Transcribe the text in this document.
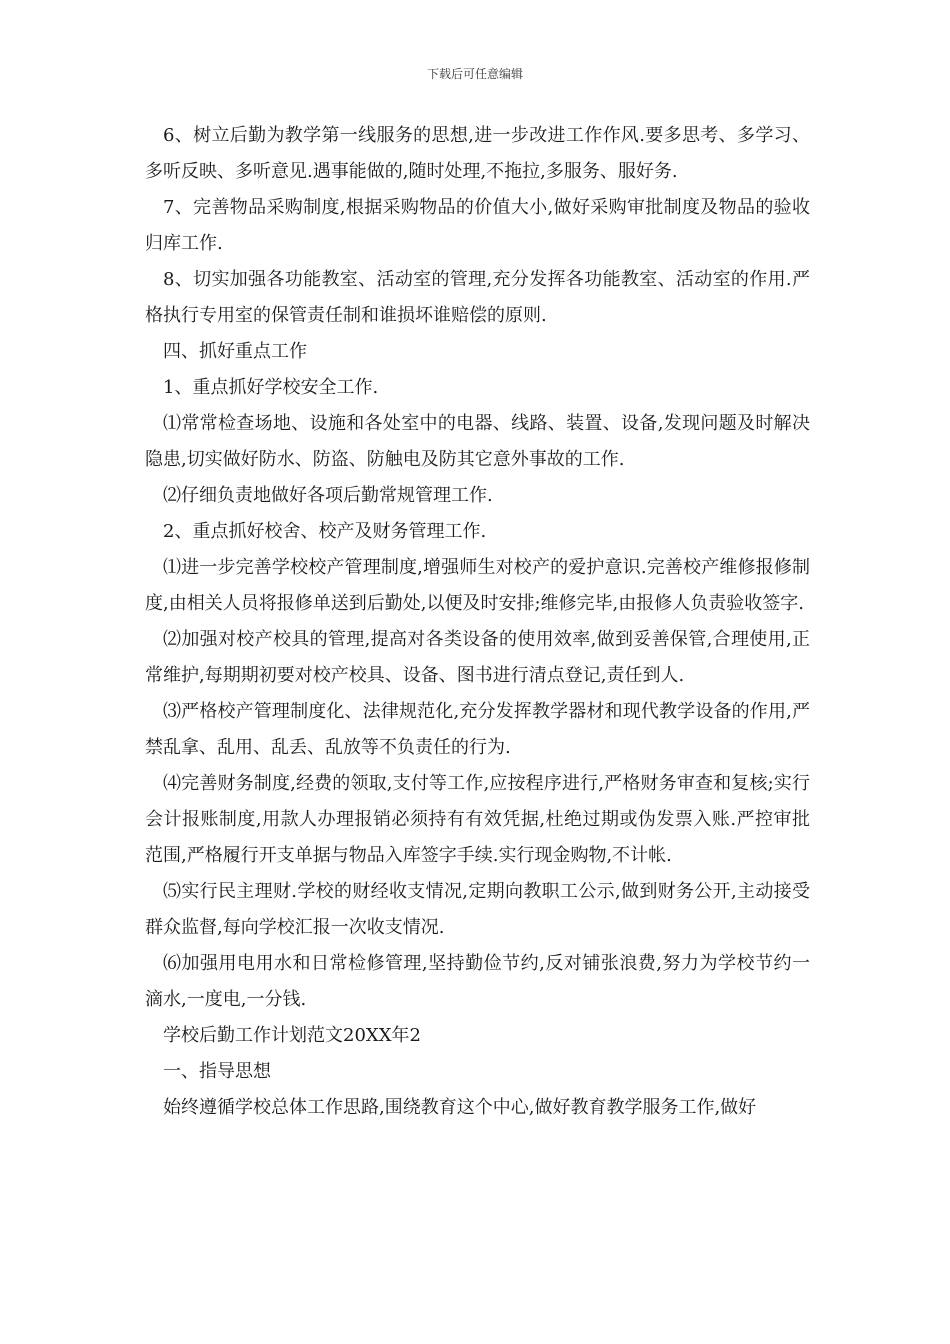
下载后可任意编辑

6、树立后勤为教学第一线服务的思想,进一步改进工作作风.要多思考、多学习、多听反映、多听意见.遇事能做的,随时处理,不拖拉,多服务、服好务.

7、完善物品采购制度,根据采购物品的价值大小,做好采购审批制度及物品的验收归库工作.

8、切实加强各功能教室、活动室的管理,充分发挥各功能教室、活动室的作用.严格执行专用室的保管责任制和谁损坏谁赔偿的原则.

四、抓好重点工作

1、重点抓好学校安全工作.

⑴常常检查场地、设施和各处室中的电器、线路、装置、设备,发现问题及时解决隐患,切实做好防水、防盗、防触电及防其它意外事故的工作.

⑵仔细负责地做好各项后勤常规管理工作.

2、重点抓好校舍、校产及财务管理工作.

⑴进一步完善学校校产管理制度,增强师生对校产的爱护意识.完善校产维修报修制度,由相关人员将报修单送到后勤处,以便及时安排;维修完毕,由报修人负责验收签字.

⑵加强对校产校具的管理,提高对各类设备的使用效率,做到妥善保管,合理使用,正常维护,每期期初要对校产校具、设备、图书进行清点登记,责任到人.

⑶严格校产管理制度化、法律规范化,充分发挥教学器材和现代教学设备的作用,严禁乱拿、乱用、乱丢、乱放等不负责任的行为.

⑷完善财务制度,经费的领取,支付等工作,应按程序进行,严格财务审查和复核;实行会计报账制度,用款人办理报销必须持有有效凭据,杜绝过期或伪发票入账.严控审批范围,严格履行开支单据与物品入库签字手续.实行现金购物,不计帐.

⑸实行民主理财.学校的财经收支情况,定期向教职工公示,做到财务公开,主动接受群众监督,每向学校汇报一次收支情况.

⑹加强用电用水和日常检修管理,坚持勤俭节约,反对铺张浪费,努力为学校节约一滴水,一度电,一分钱.

学校后勤工作计划范文20XX年2

一、指导思想

始终遵循学校总体工作思路,围绕教育这个中心,做好教育教学服务工作,做好
